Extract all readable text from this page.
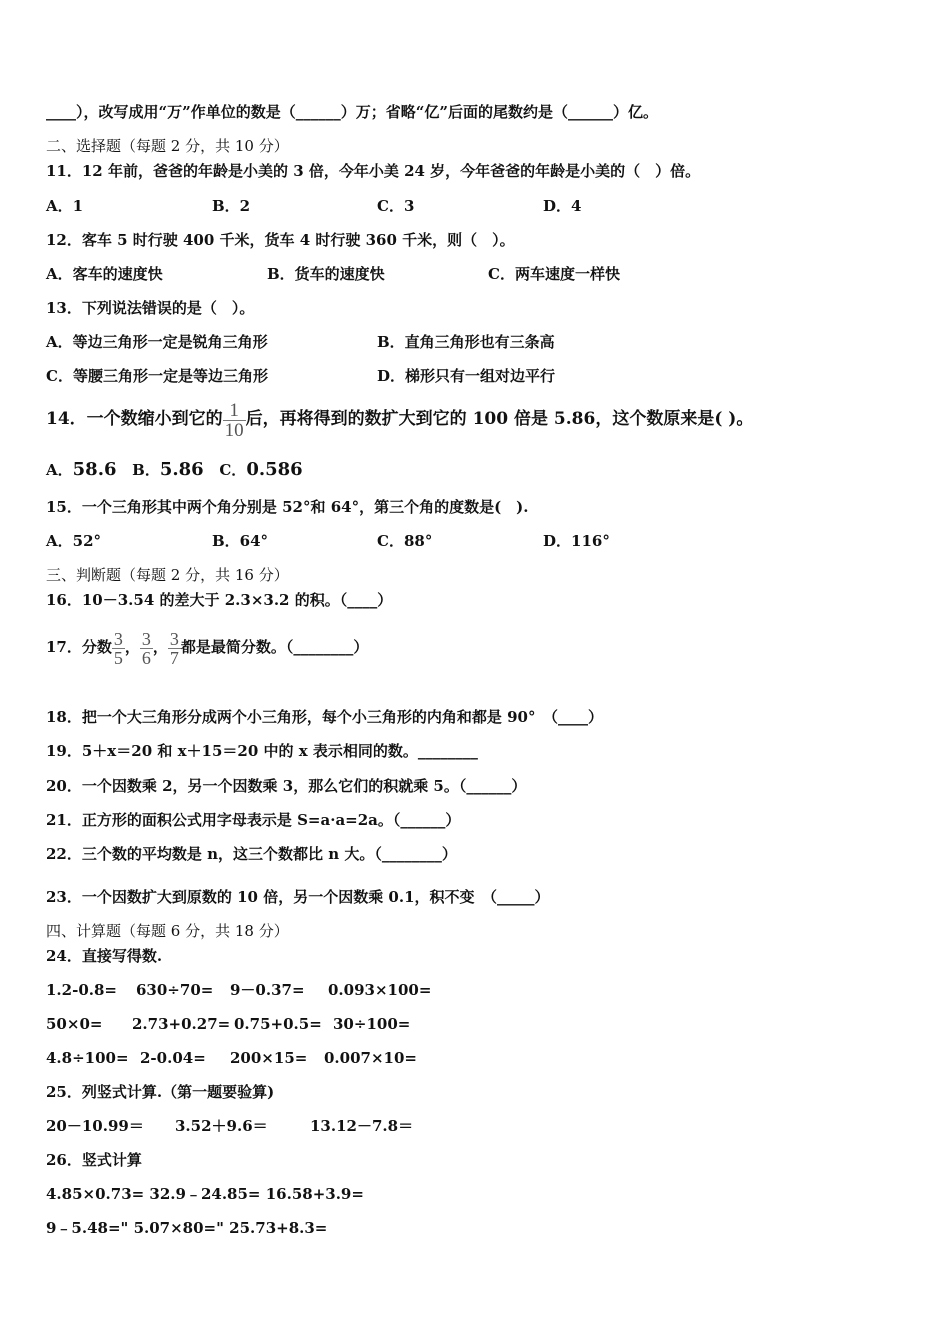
____），改写成用“万”作单位的数是（______）万；省略“亿”后面的尾数约是（______）亿。
二、选择题（每题 2 分，共 10 分）
11．12 年前，爸爸的年龄是小美的 3 倍，今年小美 24 岁，今年爸爸的年龄是小美的（　）倍。
A．1	B．2	C．3	D．4
12．客车 5 时行驶 400 千米，货车 4 时行驶 360 千米，则（　）。
A．客车的速度快	B．货车的速度快	C．两车速度一样快
13．下列说法错误的是（　）。
A．等边三角形一定是锐角三角形	B．直角三角形也有三条高
C．等腰三角形一定是等边三角形	D．梯形只有一组对边平行
14．一个数缩小到它的 $\frac{1}{10}$ 后，再将得到的数扩大到它的 100 倍是 5.86，这个数原来是( )。
A．58.6 B．5.86 C．0.586
15．一个三角形其中两个角分别是 52°和 64°，第三个角的度数是(　).
A．52°	B．64°	C．88°	D．116°
三、判断题（每题 2 分，共 16 分）
16．10－3.54 的差大于 2.3×3.2 的积。（____）
17．分数 $\frac{3}{5}$ ， $\frac{3}{6}$ ， $\frac{3}{7}$ 都是最简分数。（________）
18．把一个大三角形分成两个小三角形，每个小三角形的内角和都是 90°　（____）
19．5＋x＝20 和 x＋15＝20 中的 x 表示相同的数。________
20．一个因数乘 2，另一个因数乘 3，那么它们的积就乘 5。（______）
21．正方形的面积公式用字母表示是 S=a·a=2a。（______）
22．三个数的平均数是 n，这三个数都比 n 大。（________）
23．一个因数扩大到原数的 10 倍，另一个因数乘 0.1，积不变　（_____）
四、计算题（每题 6 分，共 18 分）
24．直接写得数.
1.2-0.8= 630÷70= 9－0.37= 0.093×100=
50×0= 2.73+0.27= 0.75+0.5= 30÷100=
4.8÷100= 2-0.04= 200×15= 0.007×10=
25．列竖式计算.（第一题要验算)
20－10.99＝ 3.52＋9.6＝	13.12－7.8＝
26．竖式计算
4.85×0.73= 32.9﹣24.85= 16.58+3.9=
9﹣5.48=" 5.07×80=" 25.73+8.3=
